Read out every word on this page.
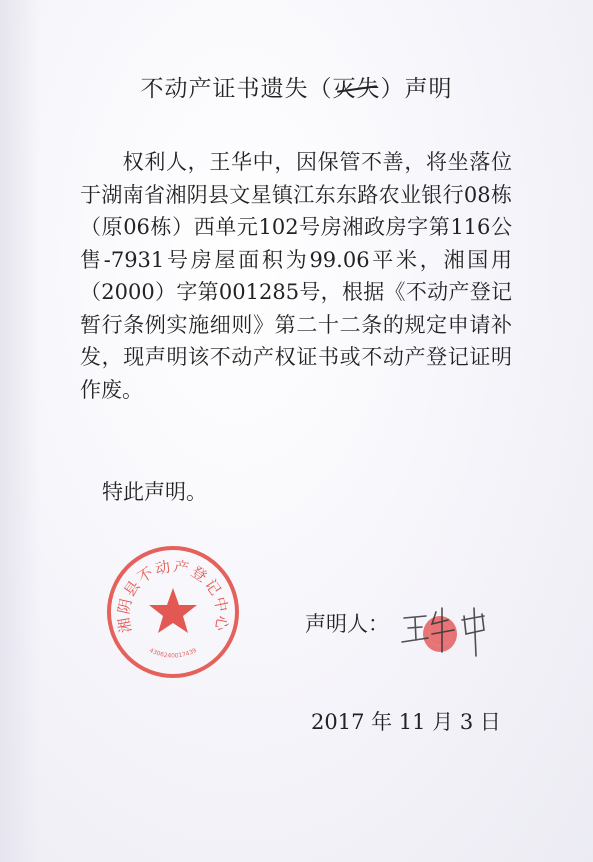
不动产证书遗失（灭失）声明

权利人，王华中，因保管不善，将坐落位于湖南省湘阴县文星镇江东东路农业银行08栋（原06栋）西单元102号房湘政房字第116公售-7931号房屋面积为99.06平米，湘国用（2000）字第001285号，根据《不动产登记暂行条例实施细则》第二十二条的规定申请补发，现声明该不动产权证书或不动产登记证明作废。

特此声明。
声明人：
2017 年 11 月 3 日
湘阴县不动产登记中心
4306240017439
